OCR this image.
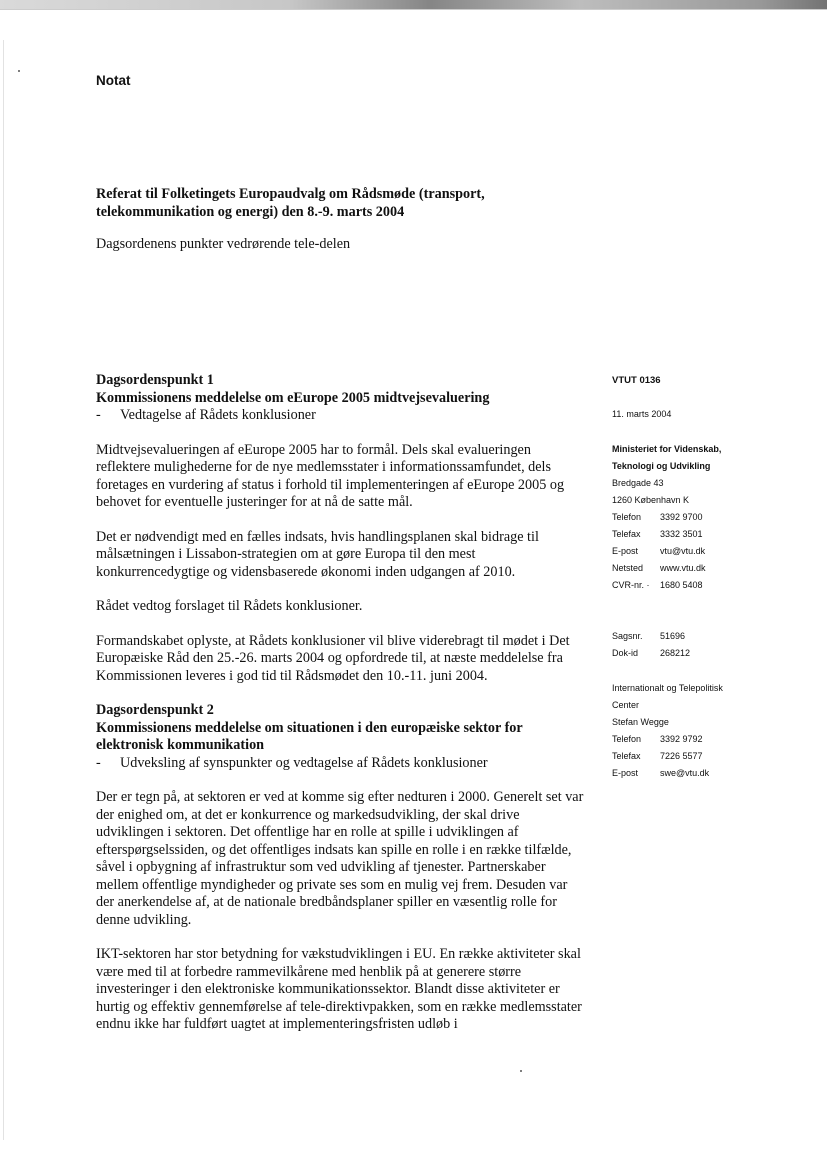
Notat
Referat til Folketingets Europaudvalg om Rådsmøde (transport, telekommunikation og energi) den 8.-9. marts 2004
Dagsordenens punkter vedrørende tele-delen
Dagsordenspunkt 1
Kommissionens meddelelse om eEurope 2005 midtvejsevaluering
- Vedtagelse af Rådets konklusioner

Midtvejsevalueringen af eEurope 2005 har to formål. Dels skal evalueringen reflektere mulighederne for de nye medlemsstater i informationssamfundet, dels foretages en vurdering af status i forhold til implementeringen af eEurope 2005 og behovet for eventuelle justeringer for at nå de satte mål.

Det er nødvendigt med en fælles indsats, hvis handlingsplanen skal bidrage til målsætningen i Lissabon-strategien om at gøre Europa til den mest konkurrencedygtige og vidensbaserede økonomi inden udgangen af 2010.

Rådet vedtog forslaget til Rådets konklusioner.

Formandskabet oplyste, at Rådets konklusioner vil blive viderebragt til mødet i Det Europæiske Råd den 25.-26. marts 2004 og opfordrede til, at næste meddelelse fra Kommissionen leveres i god tid til Rådsmødet den 10.-11. juni 2004.

Dagsordenspunkt 2
Kommissionens meddelelse om situationen i den europæiske sektor for elektronisk kommunikation
- Udveksling af synspunkter og vedtagelse af Rådets konklusioner

Der er tegn på, at sektoren er ved at komme sig efter nedturen i 2000. Generelt set var der enighed om, at det er konkurrence og markedsudvikling, der skal drive udviklingen i sektoren. Det offentlige har en rolle at spille i udviklingen af efterspørgselssiden, og det offentliges indsats kan spille en rolle i en række tilfælde, såvel i opbygning af infrastruktur som ved udvikling af tjenester. Partnerskaber mellem offentlige myndigheder og private ses som en mulig vej frem. Desuden var der anerkendelse af, at de nationale bredbåndsplaner spiller en væsentlig rolle for denne udvikling.

IKT-sektoren har stor betydning for vækstudviklingen i EU. En række aktiviteter skal være med til at forbedre rammevilkårene med henblik på at generere større investeringer i den elektroniske kommunikationssektor. Blandt disse aktiviteter er hurtig og effektiv gennemførelse af tele-direktivpakken, som en række medlemsstater endnu ikke har fuldført uagtet at implementeringsfristen udløb i

VTUT 0136
11. marts 2004
Ministeriet for Videnskab,
Teknologi og Udvikling
Bredgade 43
1260 København K
Telefon	3392 9700
Telefax	3332 3501
E-post	vtu@vtu.dk
Netsted	www.vtu.dk
CVR-nr. ·	1680 5408
Sagsnr.	51696
Dok-id	268212
Internationalt og Telepolitisk
Center
Stefan Wegge
Telefon	3392 9792
Telefax	7226 5577
E-post	swe@vtu.dk
